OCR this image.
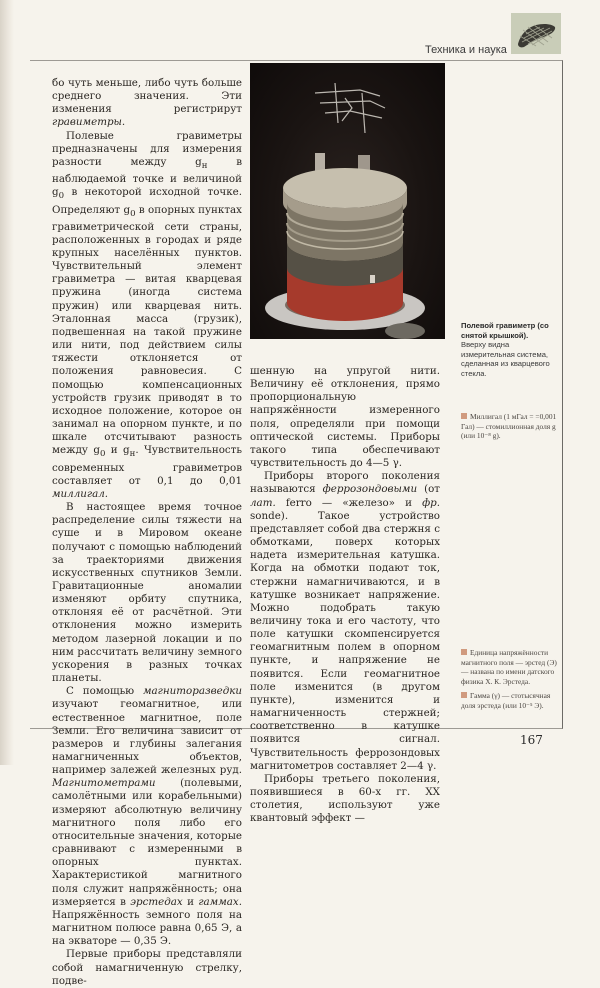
Техника и наука

бо чуть меньше, либо чуть больше среднего значения. Эти изменения регистрирут гравиметры.

Полевые гравиметры предназначены для измерения разности между $g_н$ в наблюдаемой точке и величиной $g_0$ в некоторой исходной точке. Определяют $g_0$ в опорных пунктах гравиметрической сети страны, расположенных в городах и ряде крупных населённых пунктов. Чувствительный элемент гравиметра — витая кварцевая пружина (иногда система пружин) или кварцевая нить. Эталонная масса (грузик), подвешенная на такой пружине или нити, под действием силы тяжести отклоняется от положения равновесия. С помощью компенсационных устройств грузик приводят в то исходное положение, которое он занимал на опорном пункте, и по шкале отсчитывают разность между $g_0$ и $g_н$. Чувствительность современных гравиметров составляет от 0,1 до 0,01 миллигал.

В настоящее время точное распределение силы тяжести на суше и в Мировом океане получают с помощью наблюдений за траекториями движения искусственных спутников Земли. Гравитационные аномалии изменяют орбиту спутника, отклоняя её от расчётной. Эти отклонения можно измерить методом лазерной локации и по ним рассчитать величину земного ускорения в разных точках планеты.

С помощью магниторазведки изучают геомагнитное, или естественное магнитное, поле Земли. Его величина зависит от размеров и глубины залегания намагниченных объектов, например залежей железных руд. Магнитометрами (полевыми, самолётными или корабельными) измеряют абсолютную величину магнитного поля либо его относительные значения, которые сравнивают с измеренными в опорных пунктах. Характеристикой магнитного поля служит напряжённость; она измеряется в эрстедах и гаммах. Напряжённость земного поля на магнитном полюсе равна 0,65 Э, а на экваторе — 0,35 Э.

Первые приборы представляли собой намагниченную стрелку, подве-

Полевой гравиметр (со снятой крышкой).
Вверху видна измерительная система, сделанная из кварцевого стекла.

шенную на упругой нити. Величину её отклонения, прямо пропорциональную напряжённости измеренного поля, определяли при помощи оптической системы. Приборы такого типа обеспечивают чувствительность до 4—5 γ.

Приборы второго поколения называются феррозондовыми (от лат. ferro — «железо» и фр. sonde). Такое устройство представляет собой два стержня с обмотками, поверх которых надета измерительная катушка. Когда на обмотки подают ток, стержни намагничиваются, и в катушке возникает напряжение. Можно подобрать такую величину тока и его частоту, что поле катушки скомпенсируется геомагнитным полем в опорном пункте, и напряжение не появится. Если геомагнитное поле изменится (в другом пункте), изменится и намагниченность стержней; соответственно в катушке появится сигнал. Чувствительность феррозондовых магнитометров составляет 2—4 γ.

Приборы третьего поколения, появившиеся в 60-х гг. XX столетия, используют уже квантовый эффект —

Миллигал (1 мГал = =0,001 Гал) — стомиллионная доля g (или 10⁻⁸ g).
Единица напряжённости магнитного поля — эрстед (Э) — названа по имени датского физика Х. К. Эрстеда.
Гамма (γ) — стотысячная доля эрстеда (или 10⁻⁵ Э).
167
